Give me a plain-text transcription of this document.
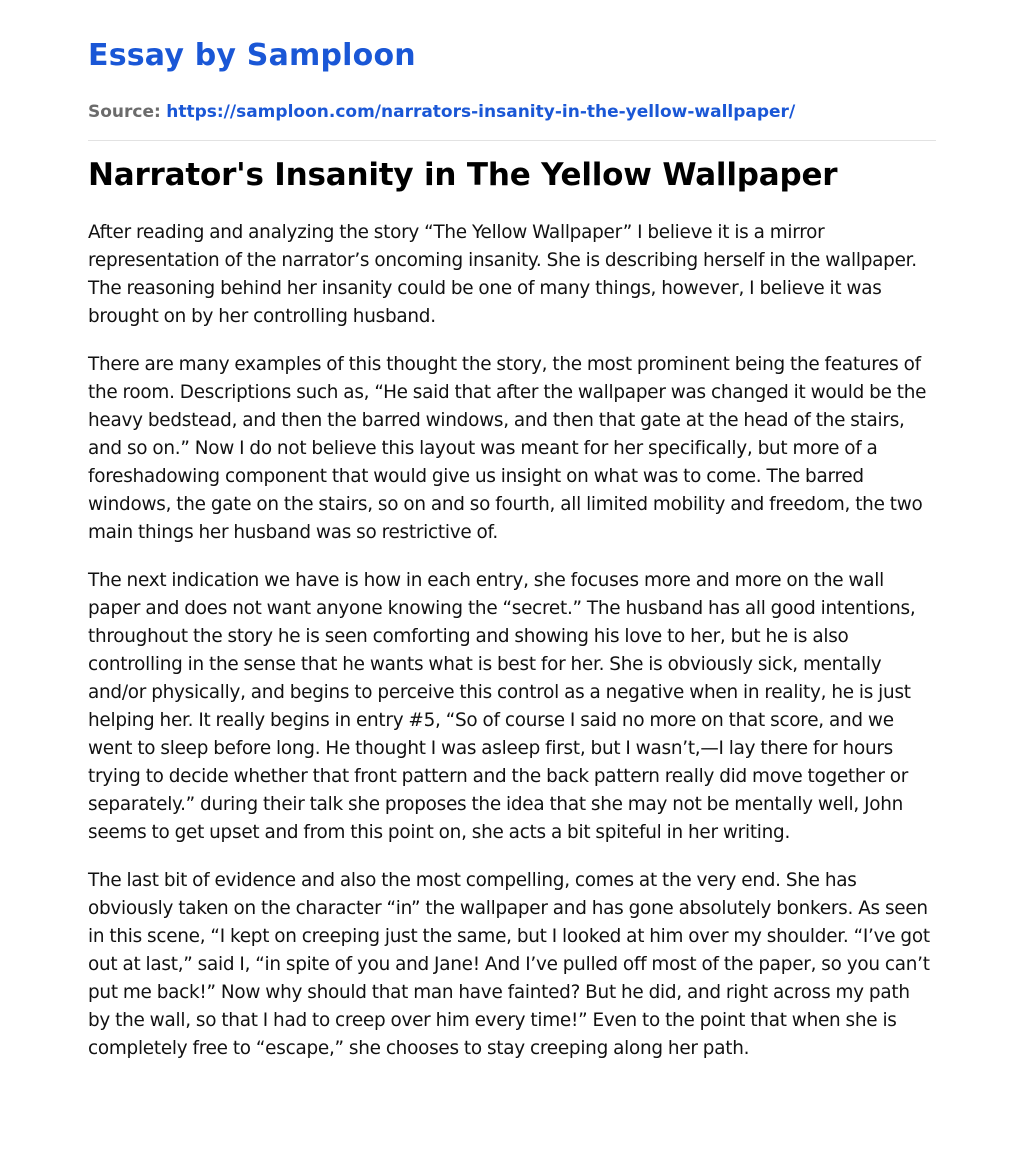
Essay by Samploon
Source: https://samploon.com/narrators-insanity-in-the-yellow-wallpaper/
Narrator's Insanity in The Yellow Wallpaper

After reading and analyzing the story “The Yellow Wallpaper” I believe it is a mirror representation of the narrator’s oncoming insanity. She is describing herself in the wallpaper. The reasoning behind her insanity could be one of many things, however, I believe it was brought on by her controlling husband.

There are many examples of this thought the story, the most prominent being the features of the room. Descriptions such as, “He said that after the wallpaper was changed it would be the heavy bedstead, and then the barred windows, and then that gate at the head of the stairs, and so on.” Now I do not believe this layout was meant for her specifically, but more of a foreshadowing component that would give us insight on what was to come. The barred windows, the gate on the stairs, so on and so fourth, all limited mobility and freedom, the two main things her husband was so restrictive of.

The next indication we have is how in each entry, she focuses more and more on the wall paper and does not want anyone knowing the “secret.” The husband has all good intentions, throughout the story he is seen comforting and showing his love to her, but he is also controlling in the sense that he wants what is best for her. She is obviously sick, mentally and/or physically, and begins to perceive this control as a negative when in reality, he is just helping her. It really begins in entry #5, “So of course I said no more on that score, and we went to sleep before long. He thought I was asleep first, but I wasn’t,—I lay there for hours trying to decide whether that front pattern and the back pattern really did move together or separately.” during their talk she proposes the idea that she may not be mentally well, John seems to get upset and from this point on, she acts a bit spiteful in her writing.

The last bit of evidence and also the most compelling, comes at the very end. She has obviously taken on the character “in” the wallpaper and has gone absolutely bonkers. As seen in this scene, “I kept on creeping just the same, but I looked at him over my shoulder. “I’ve got out at last,” said I, “in spite of you and Jane! And I’ve pulled off most of the paper, so you can’t put me back!” Now why should that man have fainted? But he did, and right across my path by the wall, so that I had to creep over him every time!” Even to the point that when she is completely free to “escape,” she chooses to stay creeping along her path.
